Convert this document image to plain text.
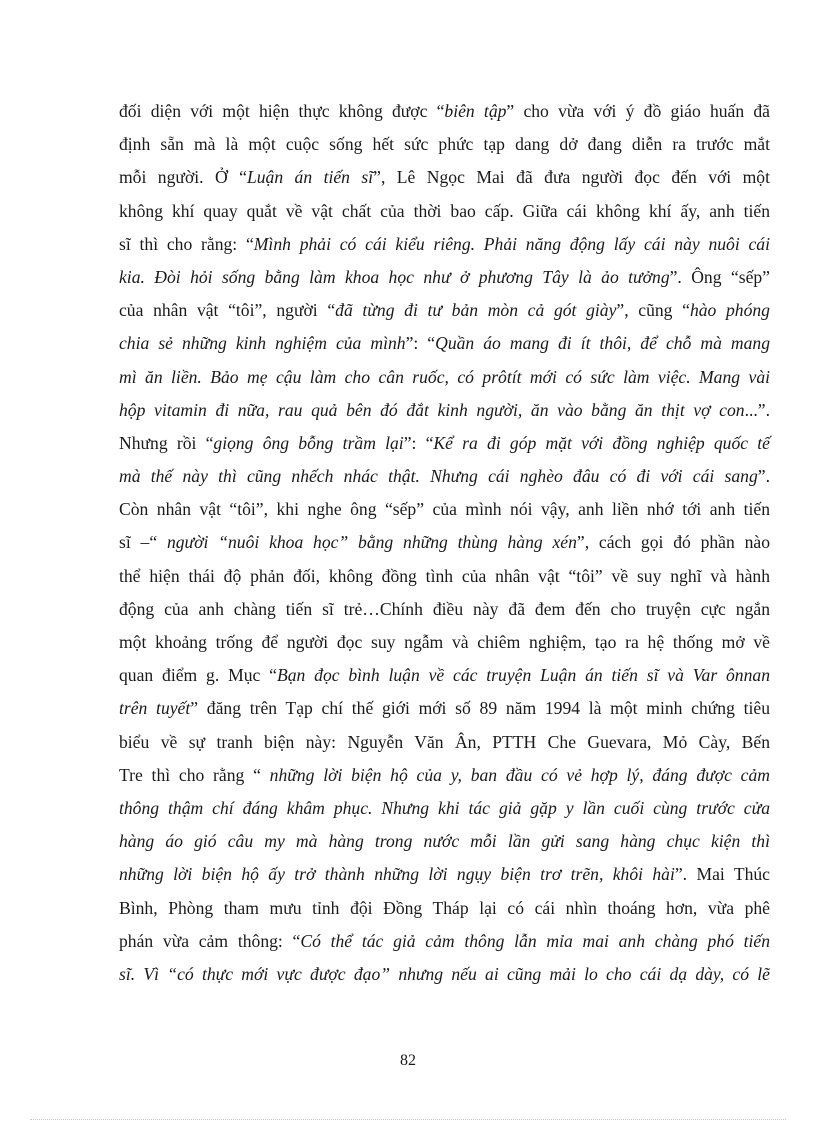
đối diện với một hiện thực không được “biên tập” cho vừa với ý đồ giáo huấn đã
định sẵn mà là một cuộc sống hết sức phức tạp dang dở đang diễn ra trước mắt
mỗi người. Ở “Luận án tiến sĩ”, Lê Ngọc Mai đã đưa người đọc đến với một
không khí quay quắt về vật chất của thời bao cấp. Giữa cái không khí ấy, anh tiến
sĩ thì cho rằng: “Mình phải có cái kiểu riêng. Phải năng động lấy cái này nuôi cái
kia. Đòi hỏi sống bằng làm khoa học như ở phương Tây là ảo tưởng”. Ông “sếp”
của nhân vật “tôi”, người “đã từng đi tư bản mòn cả gót giày”, cũng “hào phóng
chia sẻ những kinh nghiệm của mình”: “Quần áo mang đi ít thôi, để chỗ mà mang
mì ăn liền. Bảo mẹ cậu làm cho cân ruốc, có prôtít mới có sức làm việc. Mang vài
hộp vitamin đi nữa, rau quả bên đó đắt kinh người, ăn vào bằng ăn thịt vợ con...”.
Nhưng rồi “giọng ông bỗng trầm lại”: “Kể ra đi góp mặt với đồng nghiệp quốc tế
mà thế này thì cũng nhếch nhác thật. Nhưng cái nghèo đâu có đi với cái sang”.
Còn nhân vật “tôi”, khi nghe ông “sếp” của mình nói vậy, anh liền nhớ tới anh tiến
sĩ –“ người “nuôi khoa học” bằng những thùng hàng xén”, cách gọi đó phần nào
thể hiện thái độ phản đối, không đồng tình của nhân vật “tôi” về suy nghĩ và hành
động của anh chàng tiến sĩ trẻ…Chính điều này đã đem đến cho truyện cực ngắn
một khoảng trống để người đọc suy ngẫm và chiêm nghiệm, tạo ra hệ thống mở về
quan điểm g. Mục “Bạn đọc bình luận về các truyện Luận án tiến sĩ và Var ônnan
trên tuyết” đăng trên Tạp chí thế giới mới số 89 năm 1994 là một minh chứng tiêu
biểu về sự tranh biện này: Nguyễn Văn Ân, PTTH Che Guevara, Mỏ Cày, Bến
Tre thì cho rằng “ những lời biện hộ của y, ban đầu có vẻ hợp lý, đáng được cảm
thông thậm chí đáng khâm phục. Nhưng khi tác giả gặp y lần cuối cùng trước cửa
hàng áo gió câu my mà hàng trong nước mỗi lần gửi sang hàng chục kiện thì
những lời biện hộ ấy trở thành những lời ngụy biện trơ trẽn, khôi hài”. Mai Thúc
Bình, Phòng tham mưu tỉnh đội Đồng Tháp lại có cái nhìn thoáng hơn, vừa phê
phán vừa cảm thông: “Có thể tác giả cảm thông lẫn mỉa mai anh chàng phó tiến
sĩ. Vì “có thực mới vực được đạo” nhưng nếu ai cũng mải lo cho cái dạ dày, có lẽ
82
